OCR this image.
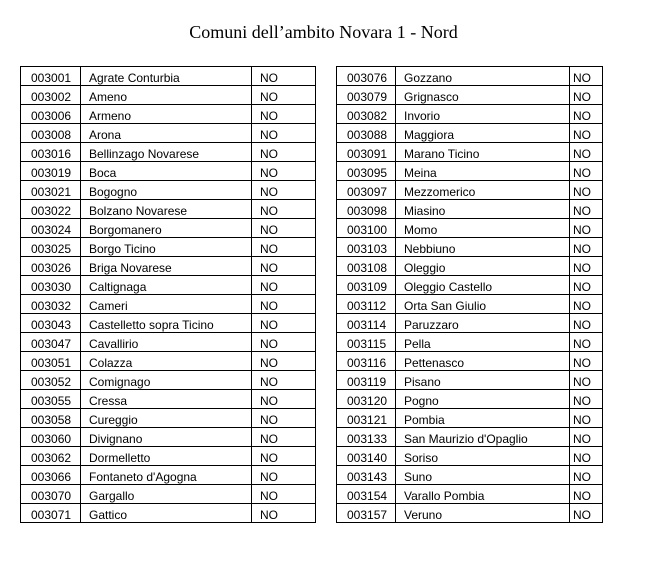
Comuni dell’ambito Novara 1 - Nord
003001	Agrate Conturbia	NO
003002	Ameno	NO
003006	Armeno	NO
003008	Arona	NO
003016	Bellinzago Novarese	NO
003019	Boca	NO
003021	Bogogno	NO
003022	Bolzano Novarese	NO
003024	Borgomanero	NO
003025	Borgo Ticino	NO
003026	Briga Novarese	NO
003030	Caltignaga	NO
003032	Cameri	NO
003043	Castelletto sopra Ticino	NO
003047	Cavallirio	NO
003051	Colazza	NO
003052	Comignago	NO
003055	Cressa	NO
003058	Cureggio	NO
003060	Divignano	NO
003062	Dormelletto	NO
003066	Fontaneto d'Agogna	NO
003070	Gargallo	NO
003071	Gattico	NO
003076	Gozzano	NO
003079	Grignasco	NO
003082	Invorio	NO
003088	Maggiora	NO
003091	Marano Ticino	NO
003095	Meina	NO
003097	Mezzomerico	NO
003098	Miasino	NO
003100	Momo	NO
003103	Nebbiuno	NO
003108	Oleggio	NO
003109	Oleggio Castello	NO
003112	Orta San Giulio	NO
003114	Paruzzaro	NO
003115	Pella	NO
003116	Pettenasco	NO
003119	Pisano	NO
003120	Pogno	NO
003121	Pombia	NO
003133	San Maurizio d'Opaglio	NO
003140	Soriso	NO
003143	Suno	NO
003154	Varallo Pombia	NO
003157	Veruno	NO
